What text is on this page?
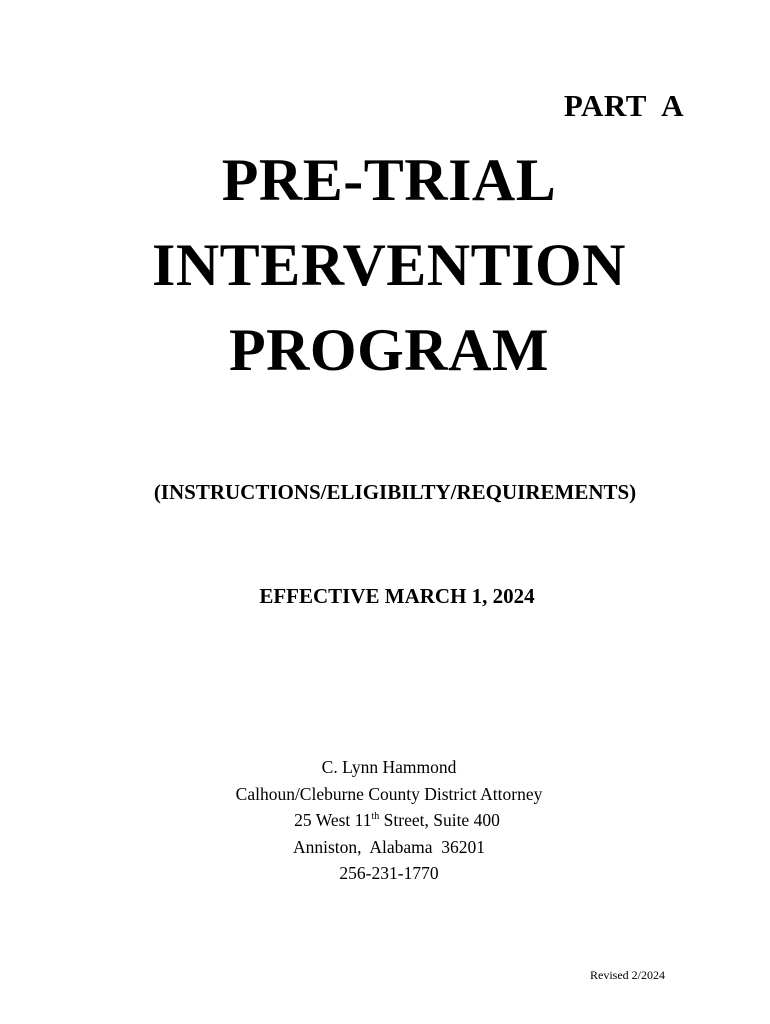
PART  A
PRE-TRIAL
INTERVENTION
PROGRAM
(INSTRUCTIONS/ELIGIBILTY/REQUIREMENTS)
EFFECTIVE MARCH 1, 2024
C. Lynn Hammond
Calhoun/Cleburne County District Attorney
25 West 11th Street, Suite 400
Anniston,  Alabama  36201
256-231-1770
Revised 2/2024
